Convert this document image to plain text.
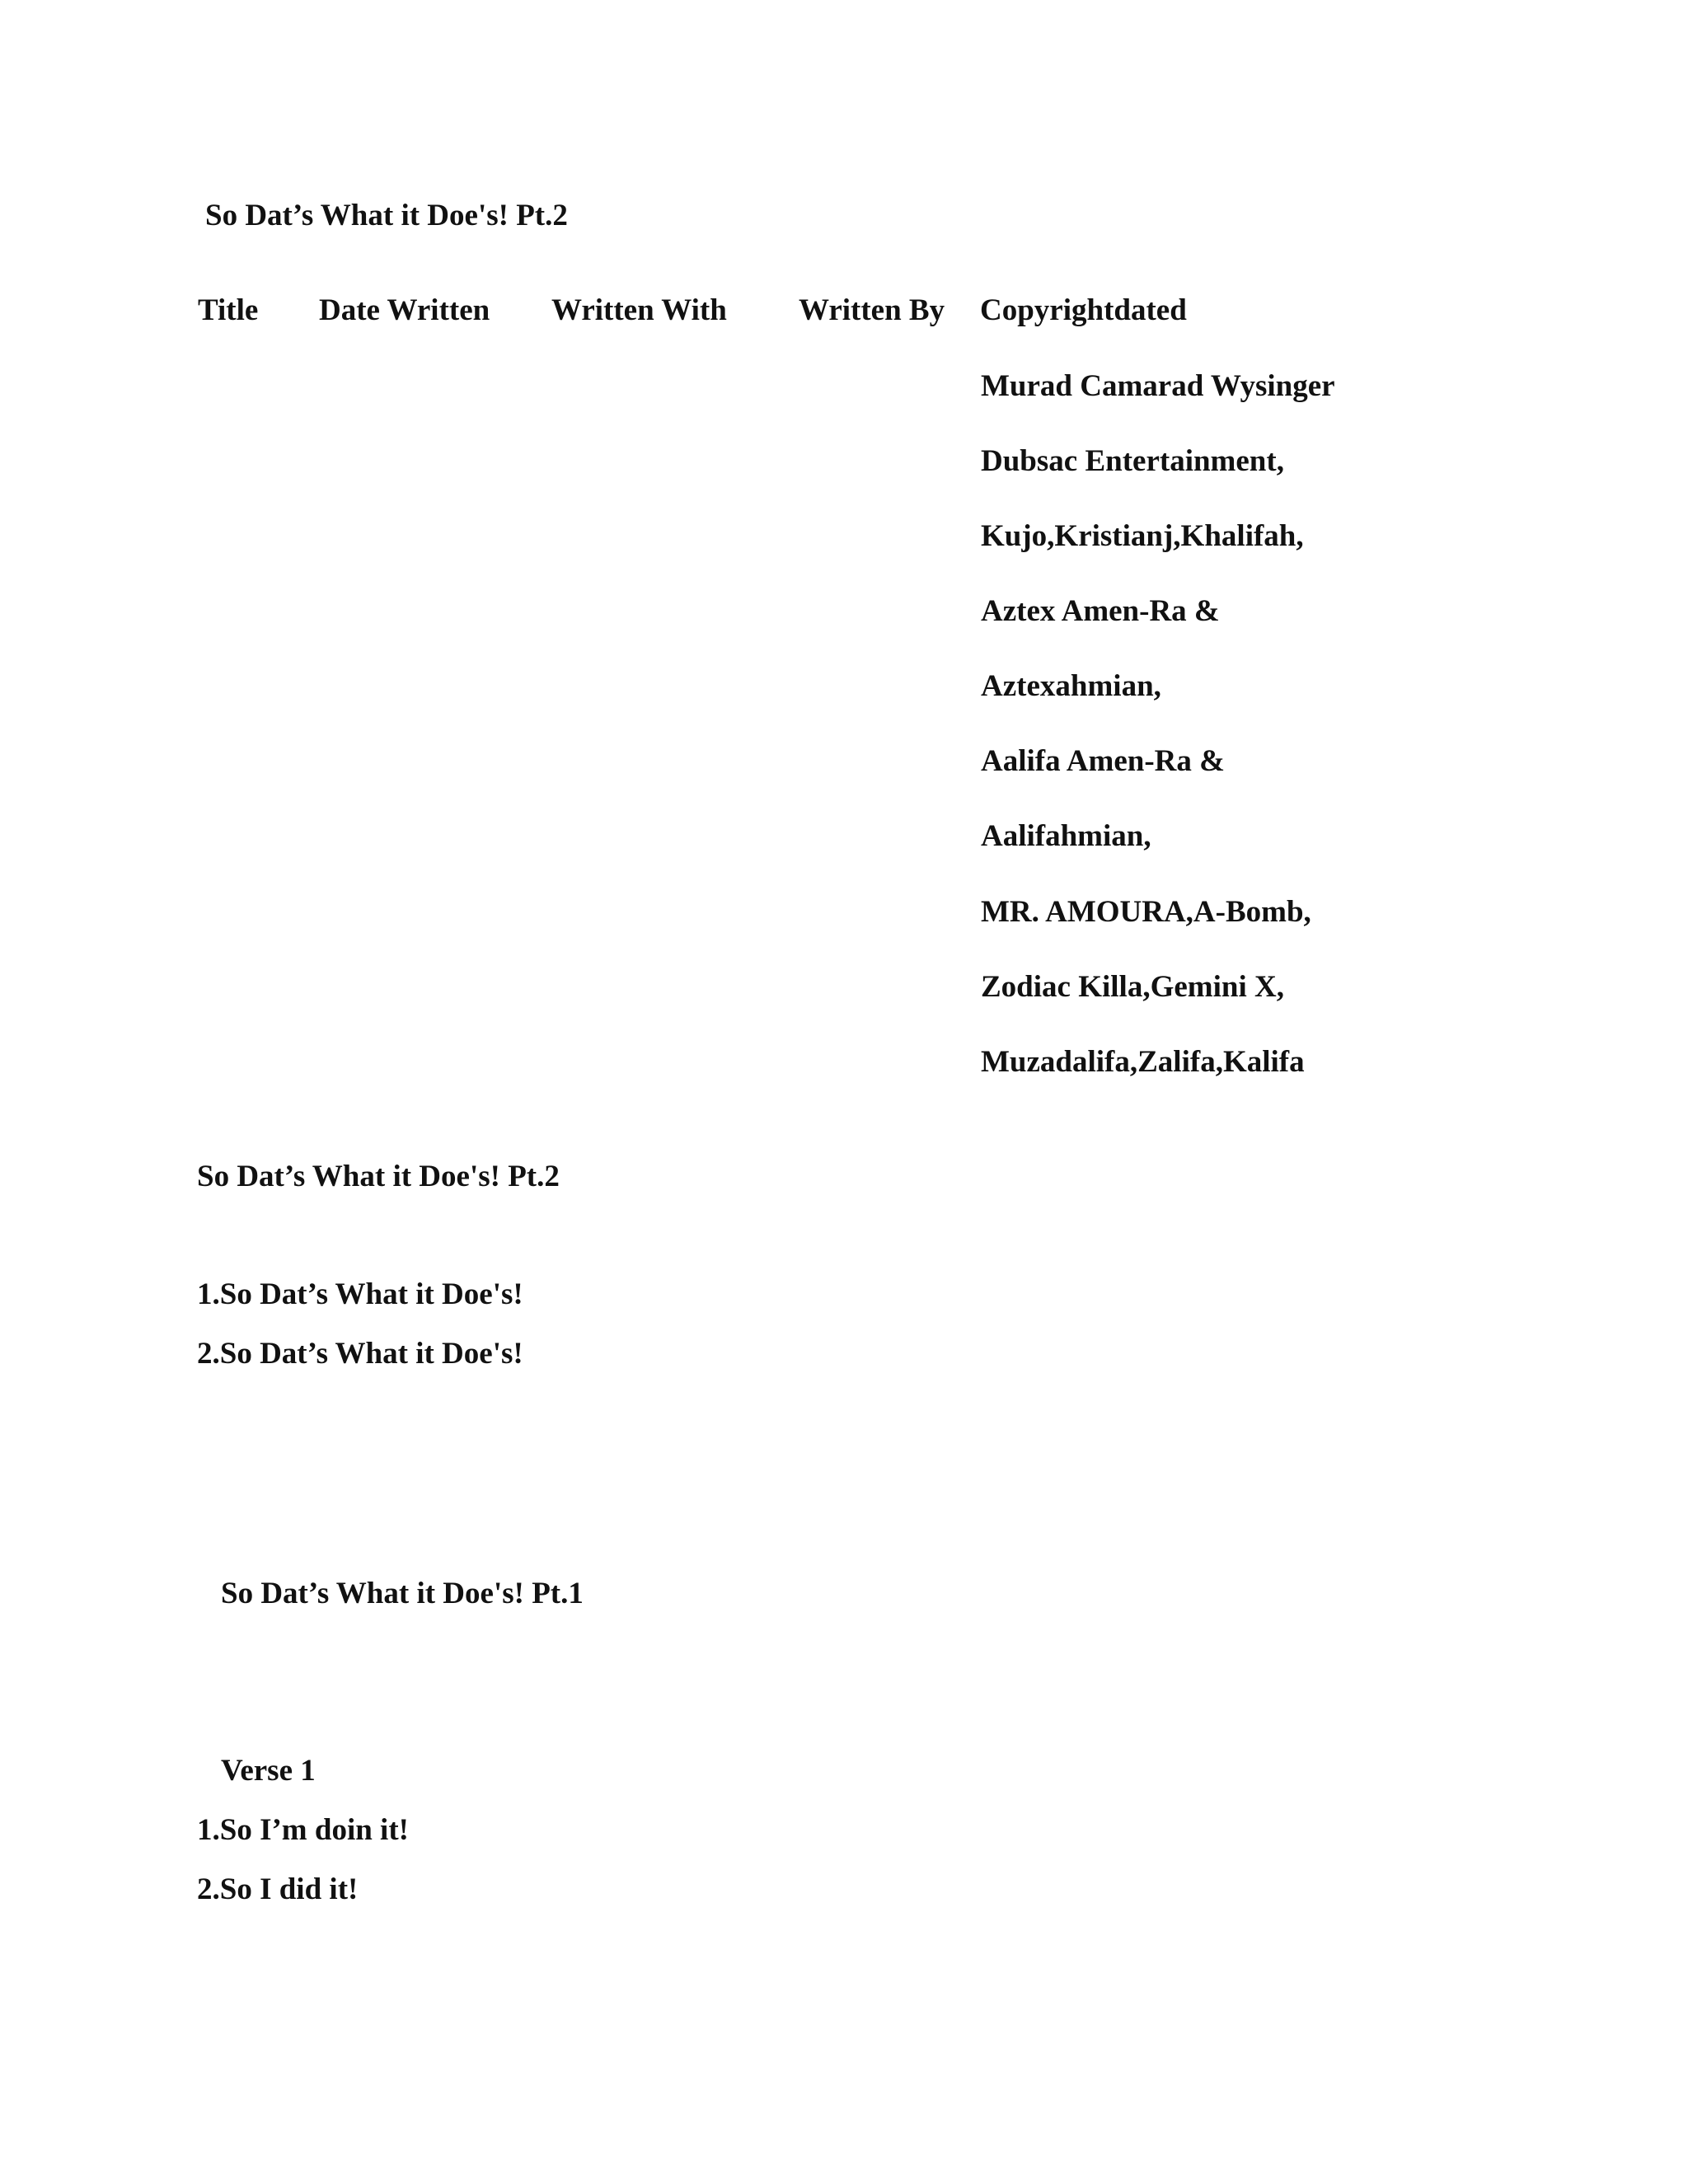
So Dat’s What it Doe's! Pt.2
Title Date Written Written With Written By Copyrightdated
Murad Camarad Wysinger
Dubsac Entertainment,
Kujo,Kristianj,Khalifah,
Aztex Amen-Ra &
Aztexahmian,
Aalifa Amen-Ra &
Aalifahmian,
MR. AMOURA,A-Bomb,
Zodiac Killa,Gemini X,
Muzadalifa,Zalifa,Kalifa
So Dat’s What it Doe's! Pt.2
1.So Dat’s What it Doe's!
2.So Dat’s What it Doe's!
So Dat’s What it Doe's! Pt.1
Verse 1
1.So I’m doin it!
2.So I did it!
